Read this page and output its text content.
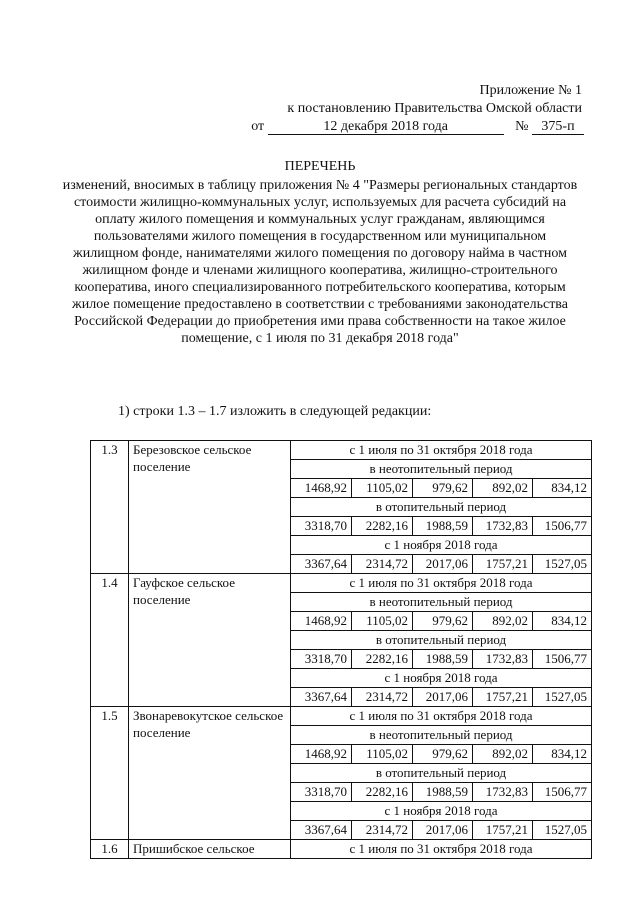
Приложение № 1
к постановлению Правительства Омской области
от	12 декабря 2018 года	№ 375-п
ПЕРЕЧЕНЬ
изменений, вносимых в таблицу приложения № 4 "Размеры региональных стандартов стоимости жилищно-коммунальных услуг, используемых для расчета субсидий на оплату жилого помещения и коммунальных услуг гражданам, являющимся пользователями жилого помещения в государственном или муниципальном жилищном фонде, нанимателями жилого помещения по договору найма в частном жилищном фонде и членами жилищного кооператива, жилищно-строительного кооператива, иного специализированного потребительского кооператива, которым жилое помещение предоставлено в соответствии с требованиями законодательства Российской Федерации до приобретения ими права собственности на такое жилое помещение, с 1 июля по 31 декабря 2018 года"
1) строки 1.3 – 1.7 изложить в следующей редакции:
1.3	Березовское сельское поселение	с 1 июля по 31 октября 2018 года				
		в неотопительный период				
		1468,92	1105,02	979,62	892,02	834,12
		в отопительный период				
		3318,70	2282,16	1988,59	1732,83	1506,77
		с 1 ноября 2018 года				
		3367,64	2314,72	2017,06	1757,21	1527,05
1.4	Гауфское сельское поселение	с 1 июля по 31 октября 2018 года				
		в неотопительный период				
		1468,92	1105,02	979,62	892,02	834,12
		в отопительный период				
		3318,70	2282,16	1988,59	1732,83	1506,77
		с 1 ноября 2018 года				
		3367,64	2314,72	2017,06	1757,21	1527,05
1.5	Звонаревокутское сельское поселение	с 1 июля по 31 октября 2018 года				
		в неотопительный период				
		1468,92	1105,02	979,62	892,02	834,12
		в отопительный период				
		3318,70	2282,16	1988,59	1732,83	1506,77
		с 1 ноября 2018 года				
		3367,64	2314,72	2017,06	1757,21	1527,05
1.6	Пришибское сельское	с 1 июля по 31 октября 2018 года				
